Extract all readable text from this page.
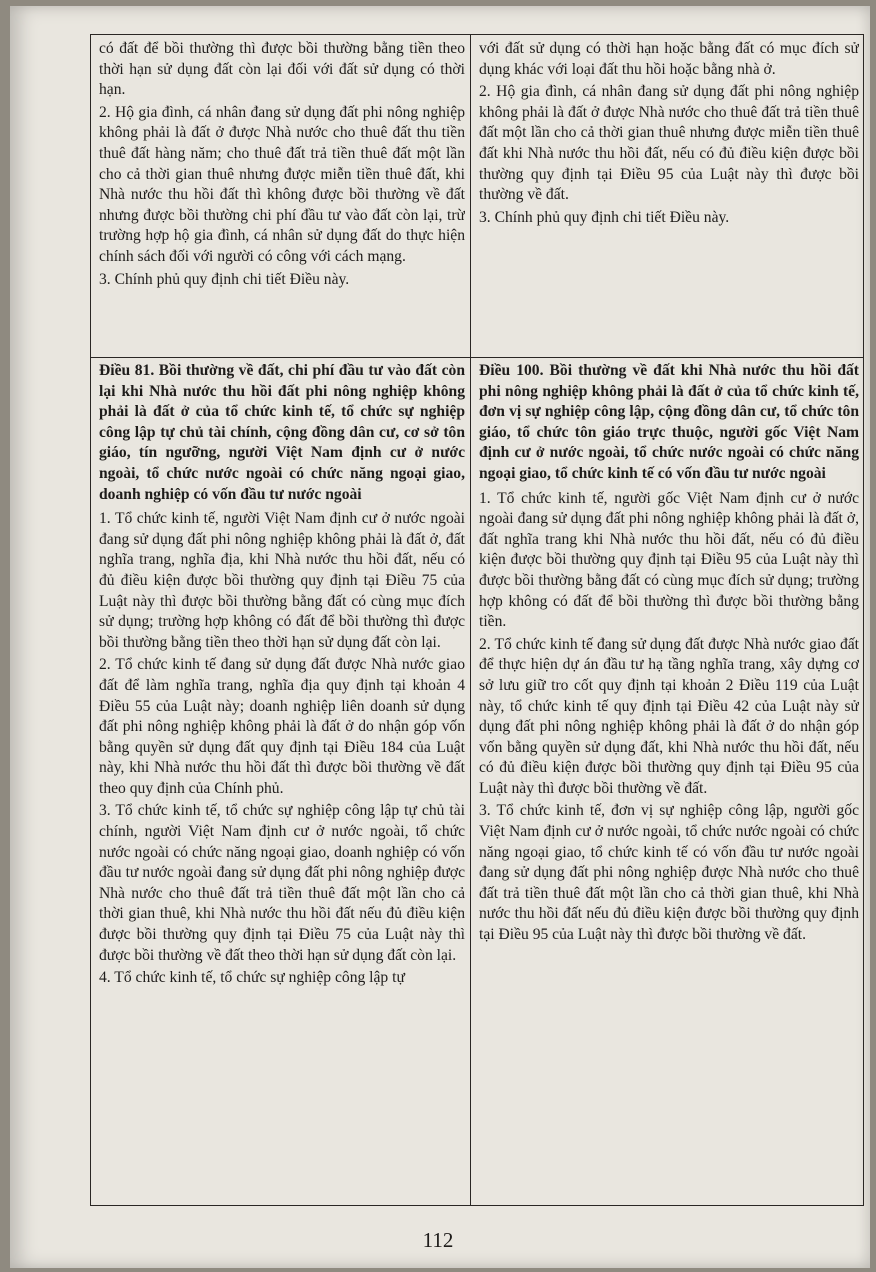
có đất để bồi thường thì được bồi thường bằng tiền theo thời hạn sử dụng đất còn lại đối với đất sử dụng có thời hạn.

2. Hộ gia đình, cá nhân đang sử dụng đất phi nông nghiệp không phải là đất ở được Nhà nước cho thuê đất thu tiền thuê đất hàng năm; cho thuê đất trả tiền thuê đất một lần cho cả thời gian thuê nhưng được miễn tiền thuê đất, khi Nhà nước thu hồi đất thì không được bồi thường về đất nhưng được bồi thường chi phí đầu tư vào đất còn lại, trừ trường hợp hộ gia đình, cá nhân sử dụng đất do thực hiện chính sách đối với người có công với cách mạng.

3. Chính phủ quy định chi tiết Điều này.

với đất sử dụng có thời hạn hoặc bằng đất có mục đích sử dụng khác với loại đất thu hồi hoặc bằng nhà ở.

2. Hộ gia đình, cá nhân đang sử dụng đất phi nông nghiệp không phải là đất ở được Nhà nước cho thuê đất trả tiền thuê đất một lần cho cả thời gian thuê nhưng được miễn tiền thuê đất khi Nhà nước thu hồi đất, nếu có đủ điều kiện được bồi thường quy định tại Điều 95 của Luật này thì được bồi thường về đất.

3. Chính phủ quy định chi tiết Điều này.

Điều 81. Bồi thường về đất, chi phí đầu tư vào đất còn lại khi Nhà nước thu hồi đất phi nông nghiệp không phải là đất ở của tổ chức kinh tế, tổ chức sự nghiệp công lập tự chủ tài chính, cộng đồng dân cư, cơ sở tôn giáo, tín ngưỡng, người Việt Nam định cư ở nước ngoài, tổ chức nước ngoài có chức năng ngoại giao, doanh nghiệp có vốn đầu tư nước ngoài

1. Tổ chức kinh tế, người Việt Nam định cư ở nước ngoài đang sử dụng đất phi nông nghiệp không phải là đất ở, đất nghĩa trang, nghĩa địa, khi Nhà nước thu hồi đất, nếu có đủ điều kiện được bồi thường quy định tại Điều 75 của Luật này thì được bồi thường bằng đất có cùng mục đích sử dụng; trường hợp không có đất để bồi thường thì được bồi thường bằng tiền theo thời hạn sử dụng đất còn lại.

2. Tổ chức kinh tế đang sử dụng đất được Nhà nước giao đất để làm nghĩa trang, nghĩa địa quy định tại khoản 4 Điều 55 của Luật này; doanh nghiệp liên doanh sử dụng đất phi nông nghiệp không phải là đất ở do nhận góp vốn bằng quyền sử dụng đất quy định tại Điều 184 của Luật này, khi Nhà nước thu hồi đất thì được bồi thường về đất theo quy định của Chính phủ.

3. Tổ chức kinh tế, tổ chức sự nghiệp công lập tự chủ tài chính, người Việt Nam định cư ở nước ngoài, tổ chức nước ngoài có chức năng ngoại giao, doanh nghiệp có vốn đầu tư nước ngoài đang sử dụng đất phi nông nghiệp được Nhà nước cho thuê đất trả tiền thuê đất một lần cho cả thời gian thuê, khi Nhà nước thu hồi đất nếu đủ điều kiện được bồi thường quy định tại Điều 75 của Luật này thì được bồi thường về đất theo thời hạn sử dụng đất còn lại.

4. Tổ chức kinh tế, tổ chức sự nghiệp công lập tự

Điều 100. Bồi thường về đất khi Nhà nước thu hồi đất phi nông nghiệp không phải là đất ở của tổ chức kinh tế, đơn vị sự nghiệp công lập, cộng đồng dân cư, tổ chức tôn giáo, tổ chức tôn giáo trực thuộc, người gốc Việt Nam định cư ở nước ngoài, tổ chức nước ngoài có chức năng ngoại giao, tổ chức kinh tế có vốn đầu tư nước ngoài

1. Tổ chức kinh tế, người gốc Việt Nam định cư ở nước ngoài đang sử dụng đất phi nông nghiệp không phải là đất ở, đất nghĩa trang khi Nhà nước thu hồi đất, nếu có đủ điều kiện được bồi thường quy định tại Điều 95 của Luật này thì được bồi thường bằng đất có cùng mục đích sử dụng; trường hợp không có đất để bồi thường thì được bồi thường bằng tiền.

2. Tổ chức kinh tế đang sử dụng đất được Nhà nước giao đất để thực hiện dự án đầu tư hạ tầng nghĩa trang, xây dựng cơ sở lưu giữ tro cốt quy định tại khoản 2 Điều 119 của Luật này, tổ chức kinh tế quy định tại Điều 42 của Luật này sử dụng đất phi nông nghiệp không phải là đất ở do nhận góp vốn bằng quyền sử dụng đất, khi Nhà nước thu hồi đất, nếu có đủ điều kiện được bồi thường quy định tại Điều 95 của Luật này thì được bồi thường về đất.

3. Tổ chức kinh tế, đơn vị sự nghiệp công lập, người gốc Việt Nam định cư ở nước ngoài, tổ chức nước ngoài có chức năng ngoại giao, tổ chức kinh tế có vốn đầu tư nước ngoài đang sử dụng đất phi nông nghiệp được Nhà nước cho thuê đất trả tiền thuê đất một lần cho cả thời gian thuê, khi Nhà nước thu hồi đất nếu đủ điều kiện được bồi thường quy định tại Điều 95 của Luật này thì được bồi thường về đất.

112
